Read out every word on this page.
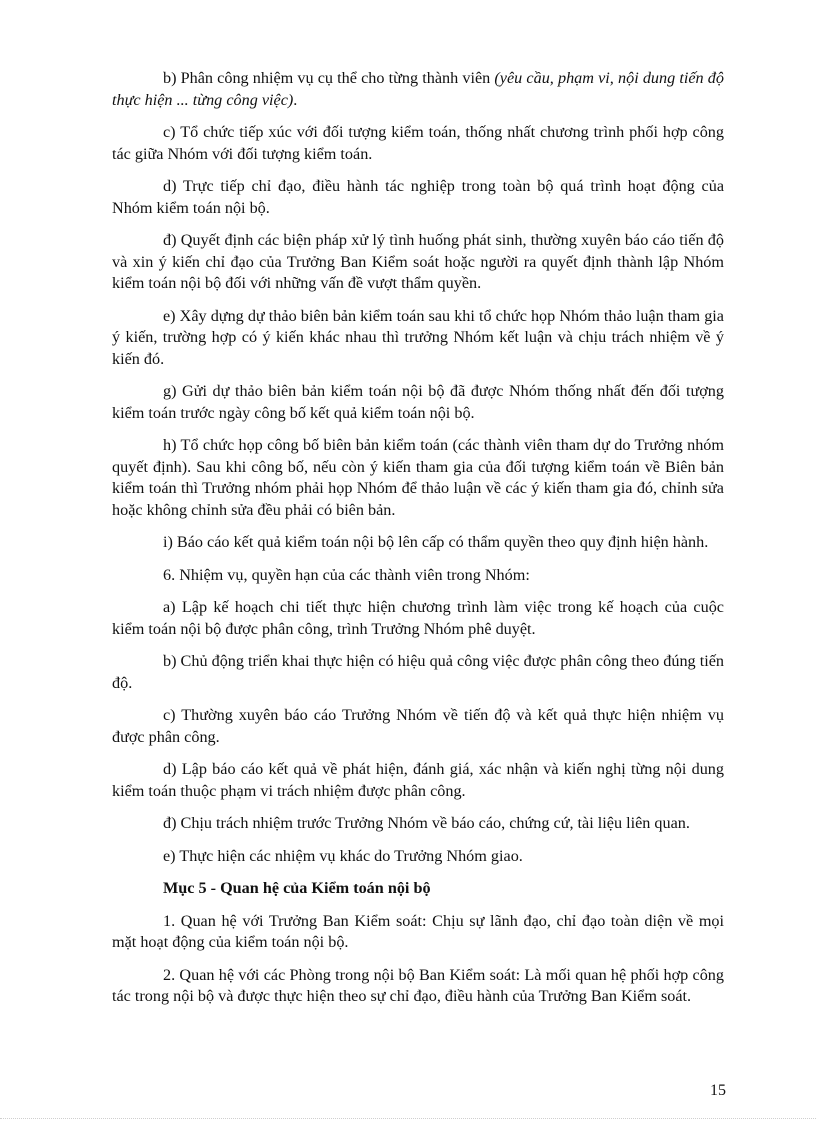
b) Phân công nhiệm vụ cụ thể cho từng thành viên (yêu cầu, phạm vi, nội dung tiến độ thực hiện ... từng công việc).

c) Tổ chức tiếp xúc với đối tượng kiểm toán, thống nhất chương trình phối hợp công tác giữa Nhóm với đối tượng kiểm toán.

d) Trực tiếp chỉ đạo, điều hành tác nghiệp trong toàn bộ quá trình hoạt động của Nhóm kiểm toán nội bộ.

đ) Quyết định các biện pháp xử lý tình huống phát sinh, thường xuyên báo cáo tiến độ và xin ý kiến chỉ đạo của Trưởng Ban Kiểm soát hoặc người ra quyết định thành lập Nhóm kiểm toán nội bộ đối với những vấn đề vượt thẩm quyền.

e) Xây dựng dự thảo biên bản kiểm toán sau khi tổ chức họp Nhóm thảo luận tham gia ý kiến, trường hợp có ý kiến khác nhau thì trưởng Nhóm kết luận và chịu trách nhiệm về ý kiến đó.

g) Gửi dự thảo biên bản kiểm toán nội bộ đã được Nhóm thống nhất đến đối tượng kiểm toán trước ngày công bố kết quả kiểm toán nội bộ.

h) Tổ chức họp công bố biên bản kiểm toán (các thành viên tham dự do Trưởng nhóm quyết định). Sau khi công bố, nếu còn ý kiến tham gia của đối tượng kiểm toán về Biên bản kiểm toán thì Trưởng nhóm phải họp Nhóm để thảo luận về các ý kiến tham gia đó, chỉnh sửa hoặc không chỉnh sửa đều phải có biên bản.

i) Báo cáo kết quả kiểm toán nội bộ lên cấp có thẩm quyền theo quy định hiện hành.

6. Nhiệm vụ, quyền hạn của các thành viên trong Nhóm:

a) Lập kế hoạch chi tiết thực hiện chương trình làm việc trong kế hoạch của cuộc kiểm toán nội bộ được phân công, trình Trưởng Nhóm phê duyệt.

b) Chủ động triển khai thực hiện có hiệu quả công việc được phân công theo đúng tiến độ.

c) Thường xuyên báo cáo Trưởng Nhóm về tiến độ và kết quả thực hiện nhiệm vụ được phân công.

d) Lập báo cáo kết quả về phát hiện, đánh giá, xác nhận và kiến nghị từng nội dung kiểm toán thuộc phạm vi trách nhiệm được phân công.

đ) Chịu trách nhiệm trước Trưởng Nhóm về báo cáo, chứng cứ, tài liệu liên quan.

e) Thực hiện các nhiệm vụ khác do Trưởng Nhóm giao.

Mục 5 - Quan hệ của Kiểm toán nội bộ

1. Quan hệ với Trưởng Ban Kiểm soát: Chịu sự lãnh đạo, chỉ đạo toàn diện về mọi mặt hoạt động của kiểm toán nội bộ.

2. Quan hệ với các Phòng trong nội bộ Ban Kiểm soát: Là mối quan hệ phối hợp công tác trong nội bộ và được thực hiện theo sự chỉ đạo, điều hành của Trưởng Ban Kiểm soát.

15
